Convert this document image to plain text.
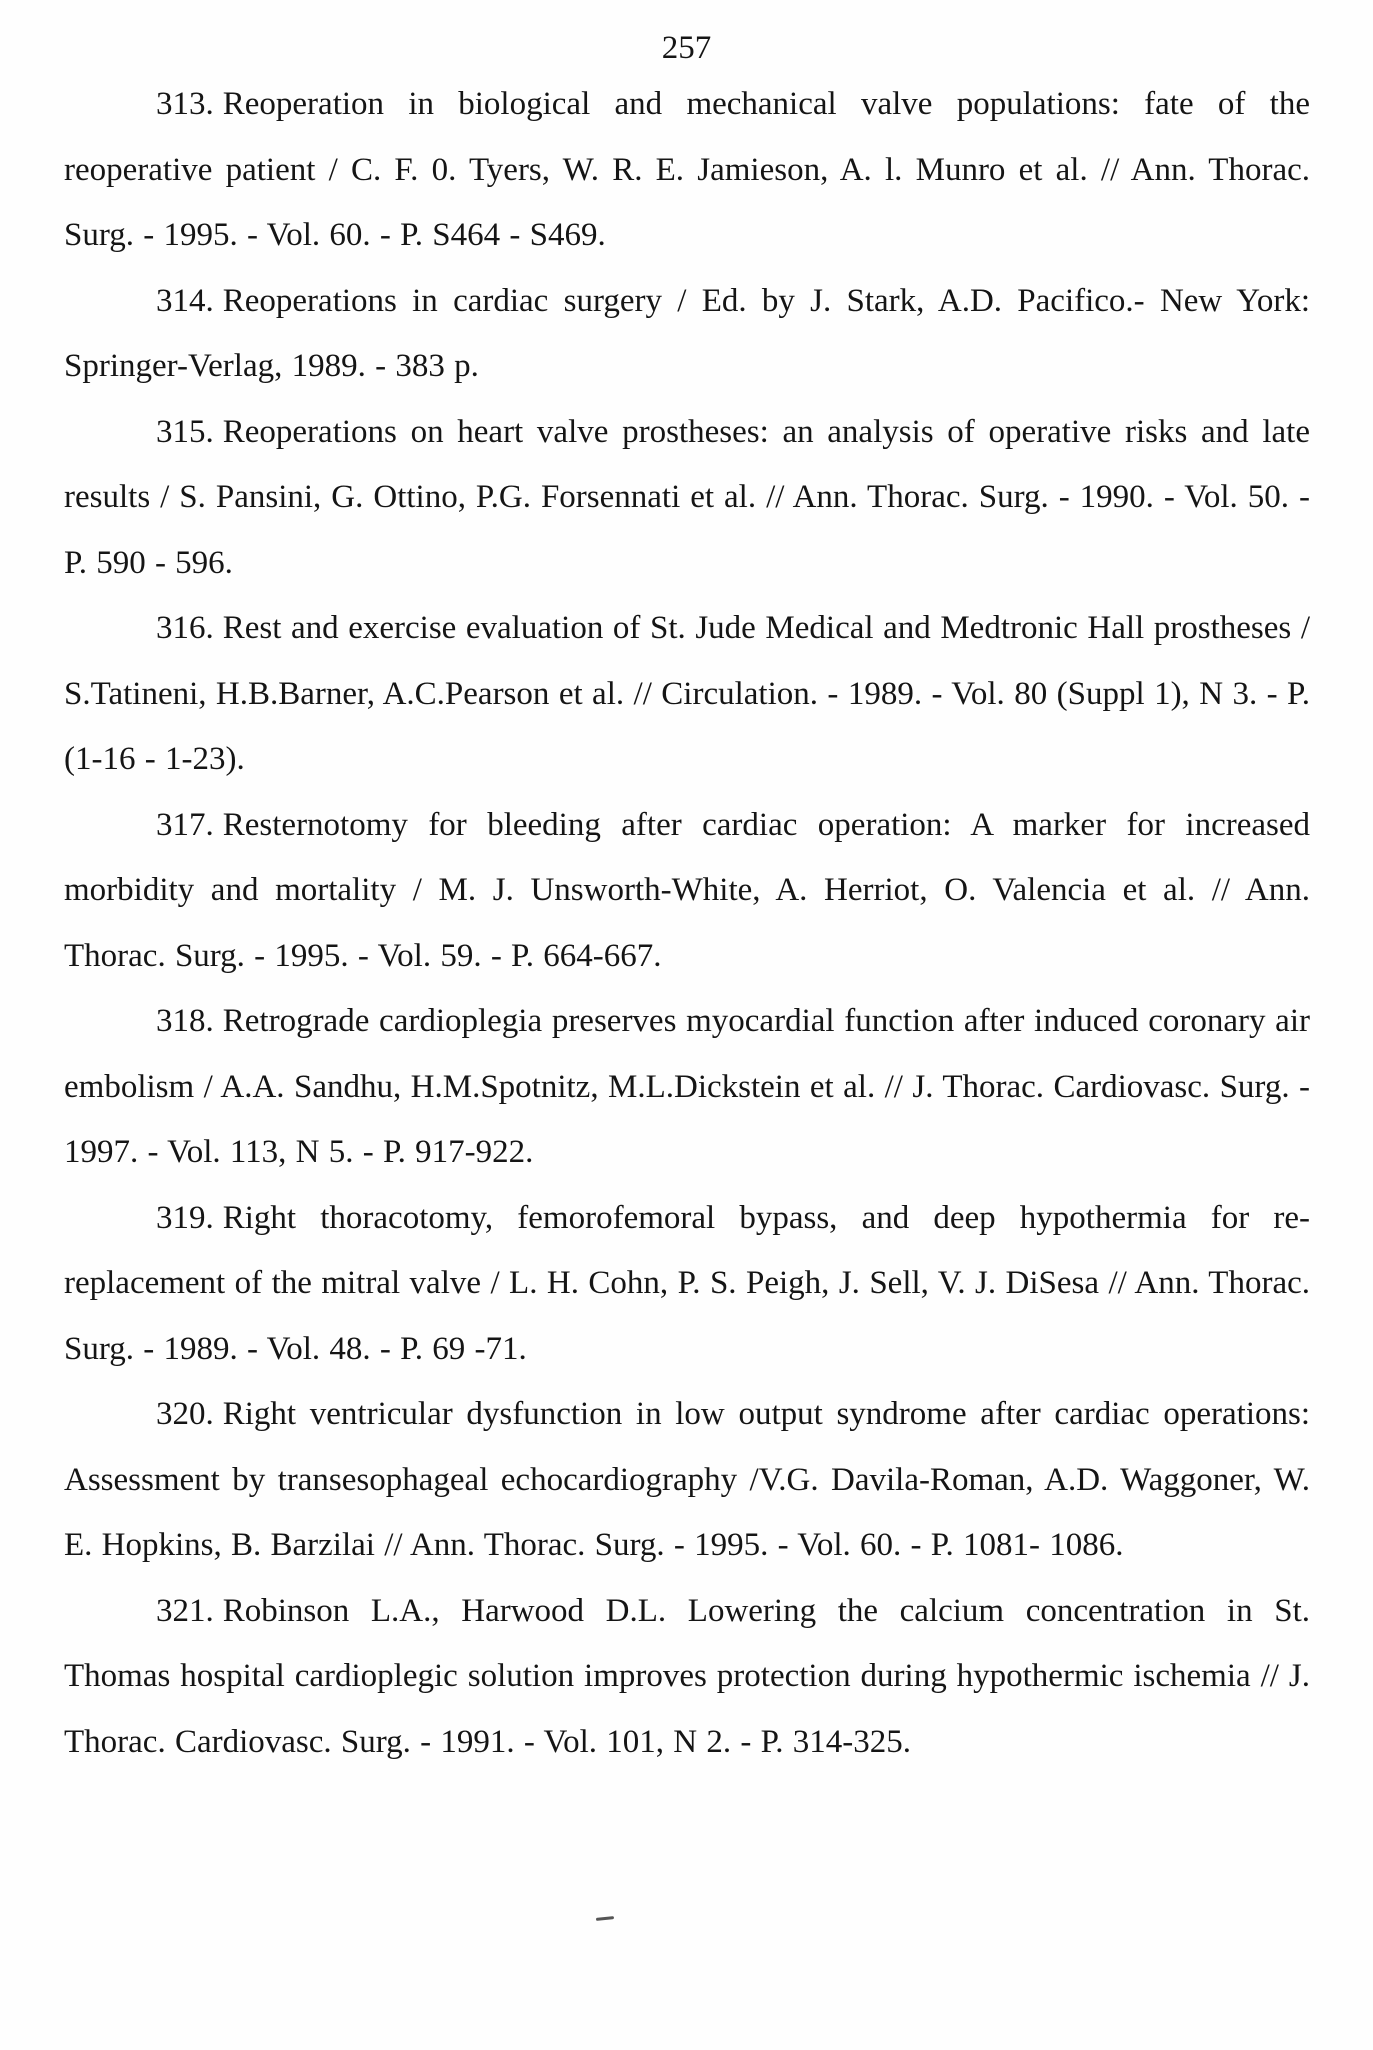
257

313. Reoperation in biological and mechanical valve populations: fate of the reoperative patient / C. F. 0. Tyers, W. R. E. Jamieson, A. l. Munro et al. // Ann. Thorac. Surg. - 1995. - Vol. 60. - P. S464 - S469.

314. Reoperations in cardiac surgery / Ed. by J. Stark, A.D. Pacifico.- New York: Springer-Verlag, 1989. - 383 p.

315. Reoperations on heart valve prostheses: an analysis of operative risks and late results / S. Pansini, G. Ottino, P.G. Forsennati et al. // Ann. Thorac. Surg. - 1990. - Vol. 50. - P. 590 - 596.

316. Rest and exercise evaluation of St. Jude Medical and Medtronic Hall prostheses / S.Tatineni, H.B.Barner, A.C.Pearson et al. // Circulation. - 1989. - Vol. 80 (Suppl 1), N 3. - P. (1-16 - 1-23).

317. Resternotomy for bleeding after cardiac operation: A marker for increased morbidity and mortality / M. J. Unsworth-White, A. Herriot, O. Valencia et al. // Ann. Thorac. Surg. - 1995. - Vol. 59. - P. 664-667.

318. Retrograde cardioplegia preserves myocardial function after induced coronary air embolism / A.A. Sandhu, H.M.Spotnitz, M.L.Dickstein et al. // J. Thorac. Cardiovasc. Surg. - 1997. - Vol. 113, N 5. - P. 917-922.

319. Right thoracotomy, femorofemoral bypass, and deep hypothermia for re-replacement of the mitral valve / L. H. Cohn, P. S. Peigh, J. Sell, V. J. DiSesa // Ann. Thorac. Surg. - 1989. - Vol. 48. - P. 69 -71.

320. Right ventricular dysfunction in low output syndrome after cardiac operations: Assessment by transesophageal echocardiography /V.G. Davila-Roman, A.D. Waggoner, W. E. Hopkins, B. Barzilai // Ann. Thorac. Surg. - 1995. - Vol. 60. - P. 1081- 1086.

321. Robinson L.A., Harwood D.L. Lowering the calcium concentration in St. Thomas hospital cardioplegic solution improves protection during hypothermic ischemia // J. Thorac. Cardiovasc. Surg. - 1991. - Vol. 101, N 2. - P. 314-325.
